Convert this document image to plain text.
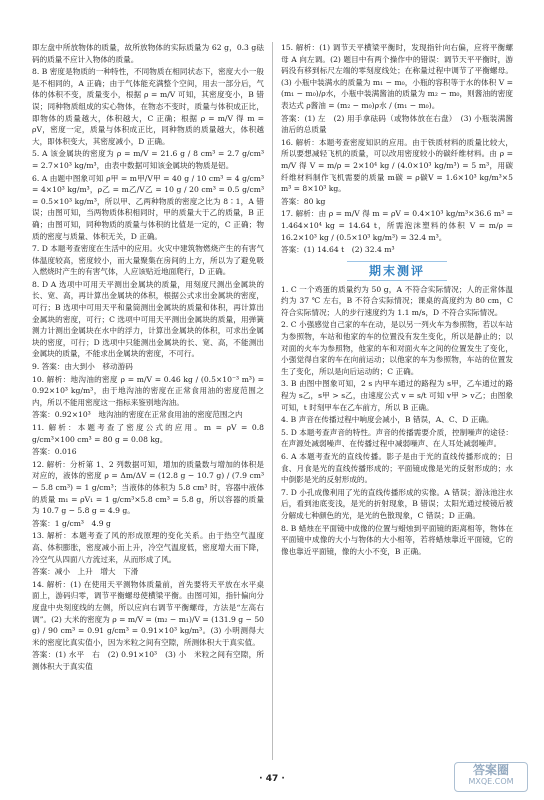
即左盘中所放物体的质量，故所放物体的实际质量为 62 g，0.3 g砝码的质量不应计入物体的质量。

8. B 密度是物质的一种特性，不同物质在相同状态下，密度大小一般是不相同的，A 正确；由于气体能充满整个空间，用去一部分后，气体的体积不变，质量变小，根据 ρ = m/V 可知，其密度变小，B 错误；同种物质组成的实心物体，在物态不变时，质量与体积成正比，即物体的质量越大，体积越大，C 正确；根据 ρ = m/V 得 m = ρV，密度一定，质量与体积成正比，同种物质的质量越大，体积越大，即体积变大，其密度减小，D 正确。

5. A 该金属块的密度为 ρ = m/V = 21.6 g / 8 cm³ = 2.7 g/cm³ = 2.7×10³ kg/m³，由表中数据可知该金属块的物质是铝。

6. A 由题中图象可知 ρ甲 = m甲/V甲 = 40 g / 10 cm³ = 4 g/cm³ = 4×10³ kg/m³，ρ乙 = m乙/V乙 = 10 g / 20 cm³ = 0.5 g/cm³ = 0.5×10³ kg/m³，所以甲、乙两种物质的密度之比为 8∶1，A 错误；由图可知，当两物质体积相同时，甲的质量大于乙的质量，B 正确；由图可知，同种物质的质量与体积的比值是一定的，C 正确；物质的密度与质量、体积无关，D 正确。

7. D 本题考查密度在生活中的应用。火灾中建筑物燃烧产生的有害气体温度较高，密度较小，而大量聚集在房间的上方，所以为了避免吸入燃烧时产生的有害气体，人应该贴近地面爬行，D 正确。

8. D A 选项中可用天平测出金属块的质量，用刻度尺测出金属块的长、宽、高，再计算出金属块的体积，根据公式求出金属块的密度，可行；B 选项中可用天平和量筒测出金属块的质量和体积，再计算出金属块的密度，可行；C 选项中可用天平测出金属块的质量，用弹簧测力计测出金属块在水中的浮力，计算出金属块的体积，可求出金属块的密度，可行；D 选项中只能测出金属块的长、宽、高，不能测出金属块的质量，不能求出金属块的密度，不可行。

9. 答案：由大到小　移动游码

10. 解析：地沟油的密度 ρ = m/V = 0.46 kg / (0.5×10⁻³ m³) = 0.92×10³ kg/m³，由于地沟油的密度在正常食用油的密度范围之内，所以不能用密度这一指标来鉴别地沟油。

答案：0.92×10³　地沟油的密度在正常食用油的密度范围之内

11. 解析：本题考查了密度公式的应用。m = ρV = 0.8 g/cm³×100 cm³ = 80 g = 0.08 kg。

答案：0.016

12. 解析：分析第 1、2 列数据可知，增加的质量数与增加的体积是对应的，液体的密度 ρ = Δm/ΔV = (12.8 g − 10.7 g) / (7.9 cm³ − 5.8 cm³) = 1 g/cm³；当液体的体积为 5.8 cm³ 时，容器中液体的质量 m₁ = ρV₁ = 1 g/cm³×5.8 cm³ = 5.8 g，所以容器的质量为 10.7 g − 5.8 g = 4.9 g。

答案：1 g/cm³　4.9 g

13. 解析：本题考查了风的形成原理的变化关系。由于热空气温度高、体积膨胀，密度减小而上升，冷空气温度低，密度增大而下降，冷空气从四面八方流过来，从而形成了风。

答案：减小　上升　增大　下滑

14. 解析：(1) 在使用天平测物体质量前，首先要将天平放在水平桌面上，游码归零，调节平衡螺母使横梁平衡。由图可知，指针偏向分度盘中央刻度线的左侧，所以应向右调节平衡螺母，方法是“左高右调”。(2) 大米的密度为 ρ = m/V = (m₂ − m₁)/V = (131.9 g − 50 g) / 90 cm³ = 0.91 g/cm³ = 0.91×10³ kg/m³。(3) 小明测得大米的密度比真实值小，因为米粒之间有空隙，所测体积大于真实值。

答案：(1) 水平　右　(2) 0.91×10³　(3) 小　米粒之间有空隙，所测体积大于真实值

15. 解析：(1) 调节天平横梁平衡时，发现指针向右偏，应将平衡螺母 A 向左调。(2) 题目中有两个操作中的错误：调节天平平衡时，游码没有移到标尺左端的零刻度线处；在称量过程中调节了平衡螺母。(3) 小瓶中装满水的质量为 m₁ − m₀，小瓶的容积等于水的体积 V = (m₁ − m₀)/ρ水，小瓶中装满酱油的质量为 m₂ − m₀，则酱油的密度表达式 ρ酱油 = (m₂ − m₀)ρ水 / (m₁ − m₀)。

答案：(1) 左　(2) 用手拿砝码（或物体放在右盘）　(3) 小瓶装满酱油后的总质量

16. 解析：本题考查密度知识的应用。由于铁质材料的质量比较大，所以要想减轻飞机的质量，可以改用密度较小的碳纤维材料。由 ρ = m/V 得 V = m/ρ = 2×10⁴ kg / (4.0×10³ kg/m³) = 5 m³，用碳纤维材料制作飞机需要的质量 m碳 = ρ碳V = 1.6×10³ kg/m³×5 m³ = 8×10³ kg。

答案：80 kg

17. 解析：由 ρ = m/V 得 m = ρV = 0.4×10³ kg/m³×36.6 m³ = 1.464×10⁴ kg = 14.64 t，所需泡沫塑料的体积 V = m/ρ = 16.2×10³ kg / (0.5×10³ kg/m³) = 32.4 m³。

答案：(1) 14.64 t　(2) 32.4 m³

期末测评

1. C 一个鸡蛋的质量约为 50 g，A 不符合实际情况；人的正常体温约为 37 ℃ 左右，B 不符合实际情况；课桌的高度约为 80 cm，C 符合实际情况；人的步行速度约为 1.1 m/s，D 不符合实际情况。

2. C 小强感觉自己家的车在动，是以另一列火车为参照物，若以车站为参照物，车站和他家的车的位置没有发生变化，所以是静止的；以对面的火车为参照物，他家的车和对面火车之间的位置发生了变化，小强觉得自家的车在向前运动；以他家的车为参照物，车站的位置发生了变化，所以是向后运动的；C 正确。

3. B 由图中图象可知，2 s 内甲车通过的路程为 s甲，乙车通过的路程为 s乙，s甲 > s乙，由速度公式 v = s/t 可知 v甲 > v乙；由图象可知，t 时刻甲车在乙车前方，所以 B 正确。

4. B 声音在传播过程中响度会减小，B 错误，A、C、D 正确。

5. D 本题考查声音的特性。声音的传播需要介质，控制噪声的途径：在声源处减弱噪声、在传播过程中减弱噪声、在人耳处减弱噪声。

6. A 本题考查光的直线传播。影子是由于光的直线传播形成的；日食、月食是光的直线传播形成的；平面镜成像是光的反射形成的；水中倒影是光的反射形成的。

7. D 小孔成像利用了光的直线传播形成的实像。A 错误；游泳池注水后，看到池底变浅，是光的折射现象，B 错误；太阳光通过棱镜后被分解成七种颜色的光，是光的色散现象，C 错误；D 正确。

8. B 蜡烛在平面镜中成像的位置与蜡烛到平面镜的距离相等，物体在平面镜中成像的大小与物体的大小相等，若将蜡烛靠近平面镜，它的像也靠近平面镜，像的大小不变，B 正确。

· 47 ·
答案圈
MXQE.COM
